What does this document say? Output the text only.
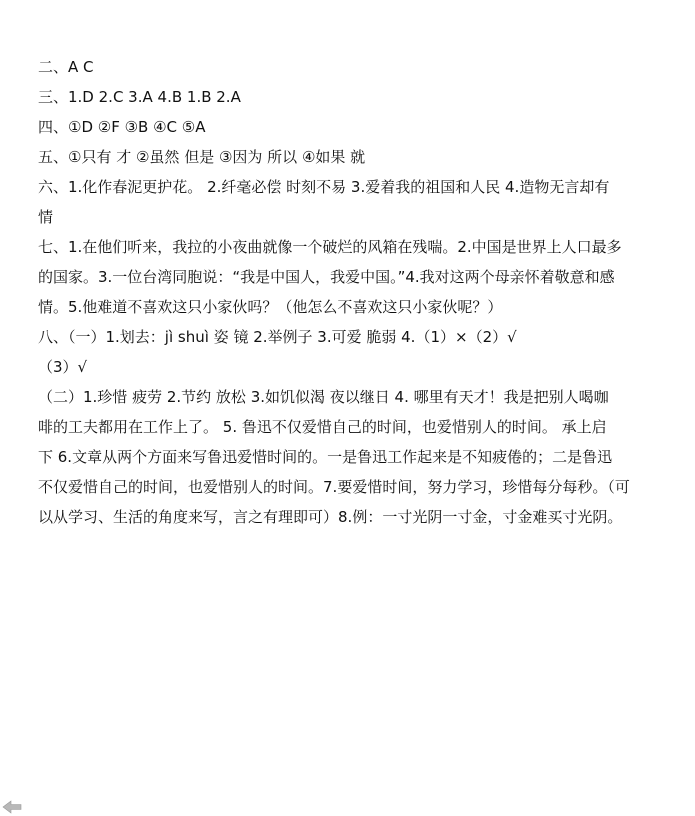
二、A C
三、1.D 2.C 3.A 4.B 1.B 2.A
四、①D ②F ③B ④C ⑤A
五、①只有 才 ②虽然 但是 ③因为 所以 ④如果 就
六、1.化作春泥更护花。 2.纤毫必偿 时刻不易 3.爱着我的祖国和人民 4.造物无言却有
情
七、1.在他们听来，我拉的小夜曲就像一个破烂的风箱在残喘。2.中国是世界上人口最多
的国家。3.一位台湾同胞说：“我是中国人，我爱中国。”4.我对这两个母亲怀着敬意和感
情。5.他难道不喜欢这只小家伙吗？（他怎么不喜欢这只小家伙呢？）
八、（一）1.划去：jì shuì 姿 镜 2.举例子 3.可爱 脆弱 4.（1）×（2）√
（3）√
（二）1.珍惜 疲劳 2.节约 放松 3.如饥似渴 夜以继日 4. 哪里有天才！我是把别人喝咖
啡的工夫都用在工作上了。 5. 鲁迅不仅爱惜自己的时间，也爱惜别人的时间。 承上启
下 6.文章从两个方面来写鲁迅爱惜时间的。一是鲁迅工作起来是不知疲倦的；二是鲁迅
不仅爱惜自己的时间，也爱惜别人的时间。7.要爱惜时间，努力学习，珍惜每分每秒。（可
以从学习、生活的角度来写，言之有理即可）8.例：一寸光阴一寸金，寸金难买寸光阴。
